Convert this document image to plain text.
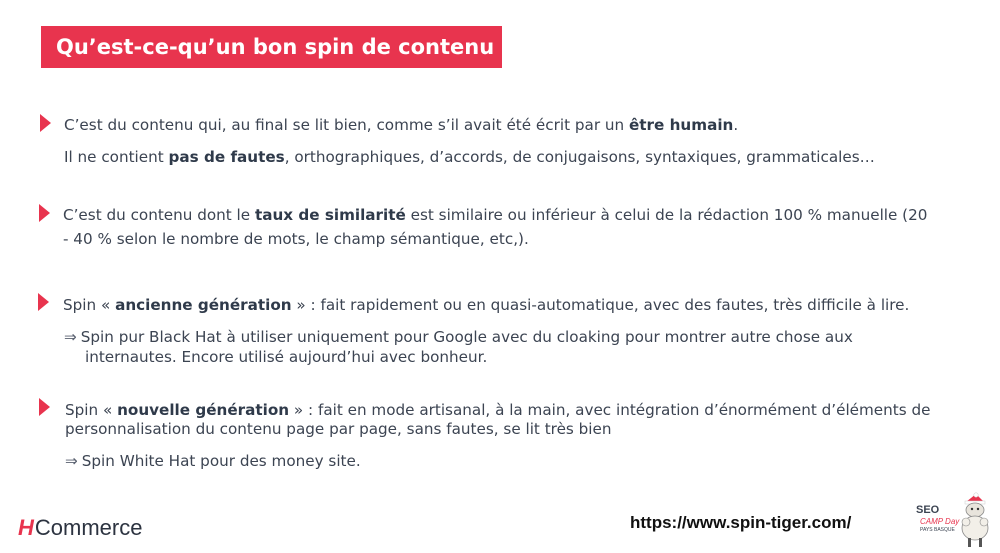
Qu’est-ce-qu’un bon spin de contenu ?
C’est du contenu qui, au final se lit bien, comme s’il avait été écrit par un être humain.
Il ne contient pas de fautes, orthographiques, d’accords, de conjugaisons, syntaxiques, grammaticales…
C’est du contenu dont le taux de similarité est similaire ou inférieur à celui de la rédaction 100 % manuelle (20
- 40 % selon le nombre de mots, le champ sémantique, etc,).
Spin « ancienne génération » : fait rapidement ou en quasi-automatique, avec des fautes, très difficile à lire.
⇒ Spin pur Black Hat à utiliser uniquement pour Google avec du cloaking pour montrer autre chose aux
internautes. Encore utilisé aujourd’hui avec bonheur.
Spin « nouvelle génération » : fait en mode artisanal, à la main, avec intégration d’énormément d’éléments de
personnalisation du contenu page par page, sans fautes, se lit très bien
⇒ Spin White Hat pour des money site.
HCommerce	https://www.spin-tiger.com/
SEO
CAMP Day
PAYS BASQUE
